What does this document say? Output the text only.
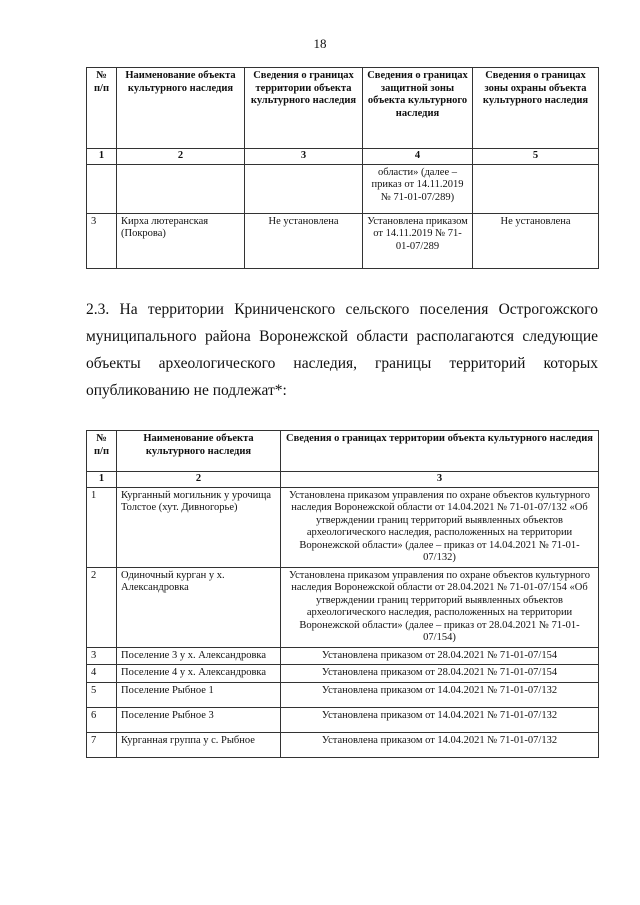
18
№ п/п	Наименование объекта культурного наследия	Сведения о границах территории объекта культурного наследия	Сведения о границах защитной зоны объекта культурного наследия	Сведения о границах зоны охраны объекта культурного наследия
1	2	3	4	5
			области» (далее – приказ от 14.11.2019 № 71-01-07/289)	
3	Кирха лютеранская (Покрова)	Не установлена	Установлена приказом от 14.11.2019 № 71-01-07/289	Не установлена
2.3. На территории Криниченского сельского поселения Острогожского муниципального района Воронежской области располагаются следующие объекты археологического наследия, границы территорий которых опубликованию не подлежат*:
№ п/п	Наименование объекта культурного наследия	Сведения о границах территории объекта культурного наследия
1	2	3
1	Курганный могильник у урочища Толстое (хут. Дивногорье)	Установлена приказом управления по охране объектов культурного наследия Воронежской области от 14.04.2021 № 71-01-07/132 «Об утверждении границ территорий выявленных объектов археологического наследия, расположенных на территории Воронежской области» (далее – приказ от 14.04.2021 № 71-01-07/132)
2	Одиночный курган у х. Александровка	Установлена приказом управления по охране объектов культурного наследия Воронежской области от 28.04.2021 № 71-01-07/154 «Об утверждении границ территорий выявленных объектов археологического наследия, расположенных на территории Воронежской области» (далее – приказ от 28.04.2021 № 71-01-07/154)
3	Поселение 3 у х. Александровка	Установлена приказом от 28.04.2021 № 71-01-07/154
4	Поселение 4 у х. Александровка	Установлена приказом от 28.04.2021 № 71-01-07/154
5	Поселение Рыбное 1	Установлена приказом от 14.04.2021 № 71-01-07/132
6	Поселение Рыбное 3	Установлена приказом от 14.04.2021 № 71-01-07/132
7	Курганная группа у с. Рыбное	Установлена приказом от 14.04.2021 № 71-01-07/132
